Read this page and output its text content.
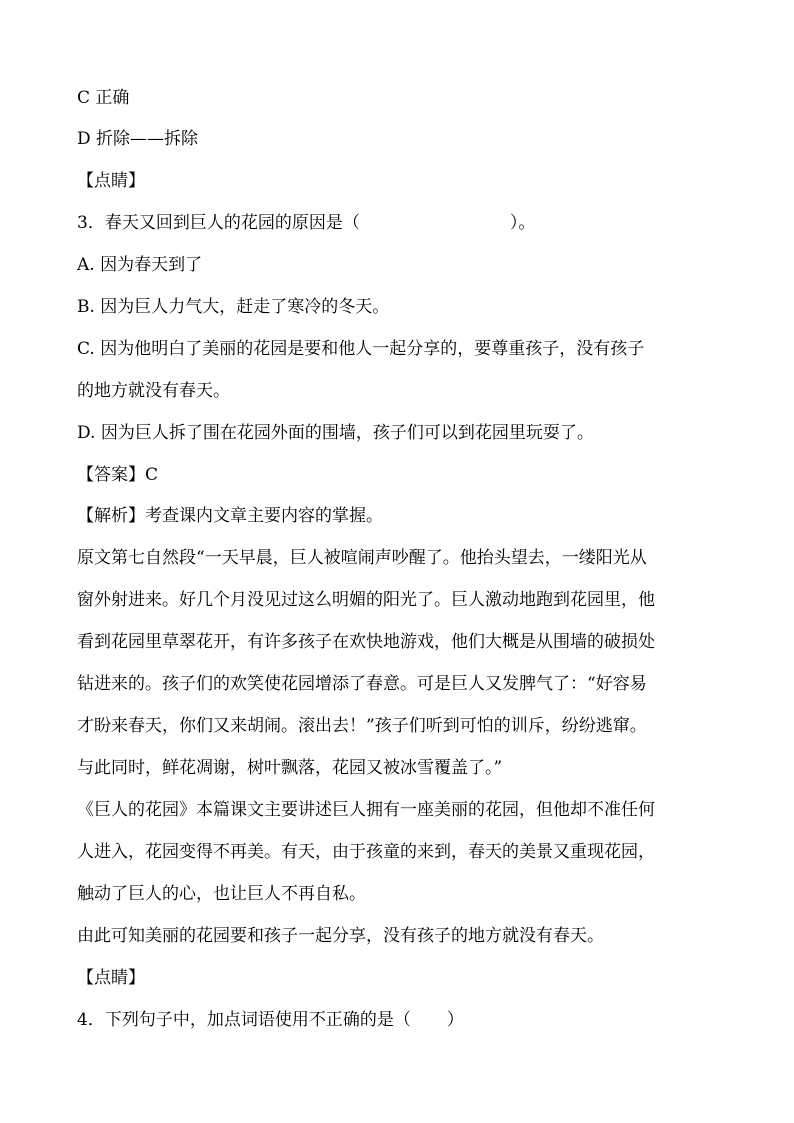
C 正确
D 折除——拆除
【点睛】
3．春天又回到巨人的花园的原因是（	）。
A. 因为春天到了
B. 因为巨人力气大，赶走了寒冷的冬天。
C. 因为他明白了美丽的花园是要和他人一起分享的，要尊重孩子，没有孩子
的地方就没有春天。
D. 因为巨人拆了围在花园外面的围墙，孩子们可以到花园里玩耍了。
【答案】C
【解析】考查课内文章主要内容的掌握。
原文第七自然段“一天早晨，巨人被喧闹声吵醒了。他抬头望去，一缕阳光从
窗外射进来。好几个月没见过这么明媚的阳光了。巨人激动地跑到花园里，他
看到花园里草翠花开，有许多孩子在欢快地游戏，他们大概是从围墙的破损处
钻进来的。孩子们的欢笑使花园增添了春意。可是巨人又发脾气了：“好容易
才盼来春天，你们又来胡闹。滚出去！”孩子们听到可怕的训斥，纷纷逃窜。
与此同时，鲜花凋谢，树叶飘落，花园又被冰雪覆盖了。”
《巨人的花园》本篇课文主要讲述巨人拥有一座美丽的花园，但他却不准任何
人进入，花园变得不再美。有天，由于孩童的来到，春天的美景又重现花园，
触动了巨人的心，也让巨人不再自私。
由此可知美丽的花园要和孩子一起分享，没有孩子的地方就没有春天。
【点睛】
4．下列句子中，加点词语使用不正确的是（ ）
